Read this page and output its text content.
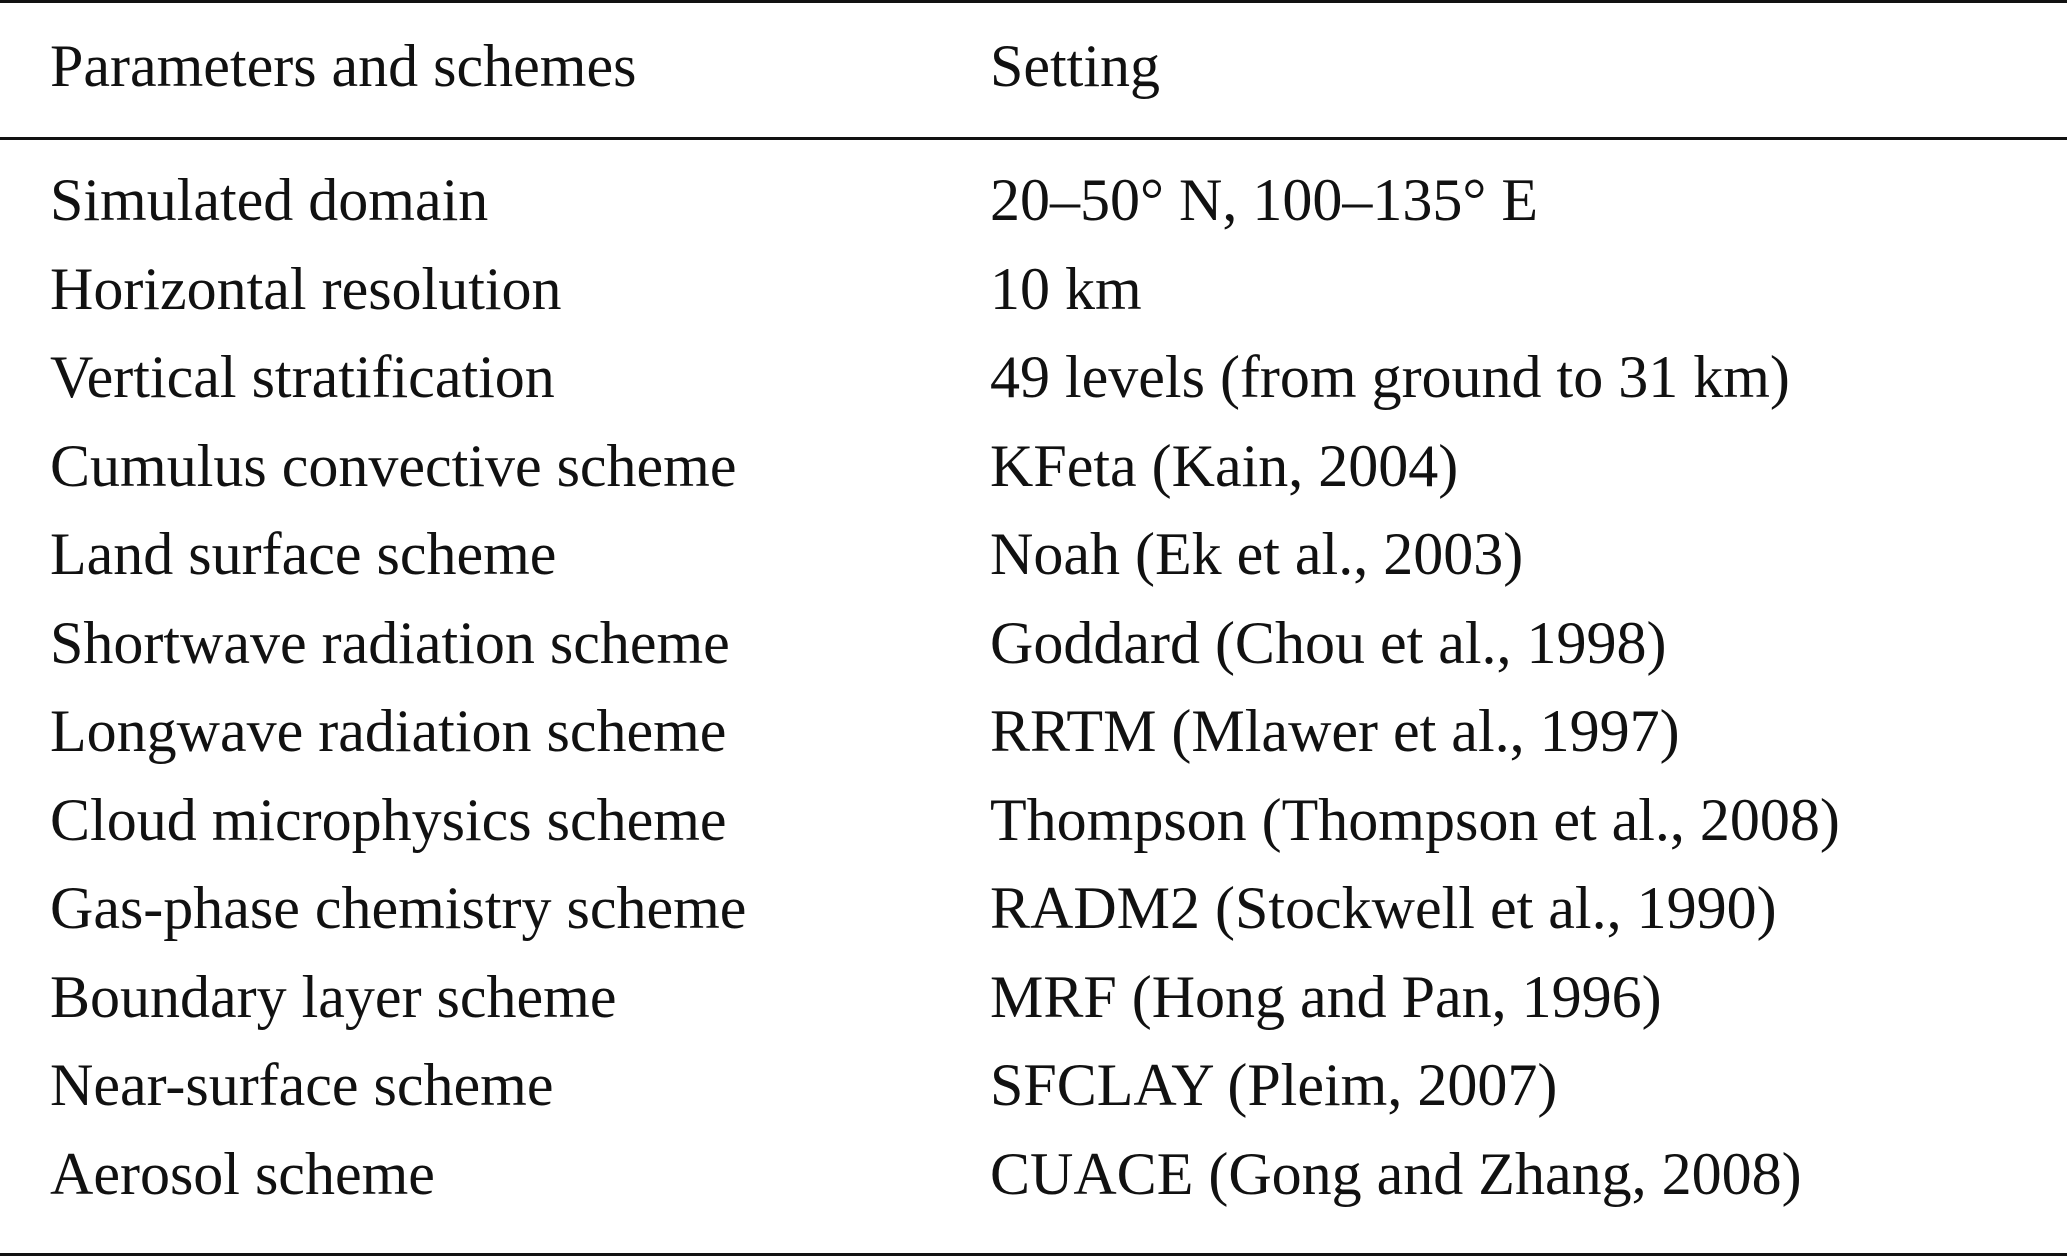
Parameters and schemes	Setting
Simulated domain	20–50° N, 100–135° E
Horizontal resolution	10 km
Vertical stratification	49 levels (from ground to 31 km)
Cumulus convective scheme	KFeta (Kain, 2004)
Land surface scheme	Noah (Ek et al., 2003)
Shortwave radiation scheme	Goddard (Chou et al., 1998)
Longwave radiation scheme	RRTM (Mlawer et al., 1997)
Cloud microphysics scheme	Thompson (Thompson et al., 2008)
Gas-phase chemistry scheme	RADM2 (Stockwell et al., 1990)
Boundary layer scheme	MRF (Hong and Pan, 1996)
Near-surface scheme	SFCLAY (Pleim, 2007)
Aerosol scheme	CUACE (Gong and Zhang, 2008)
